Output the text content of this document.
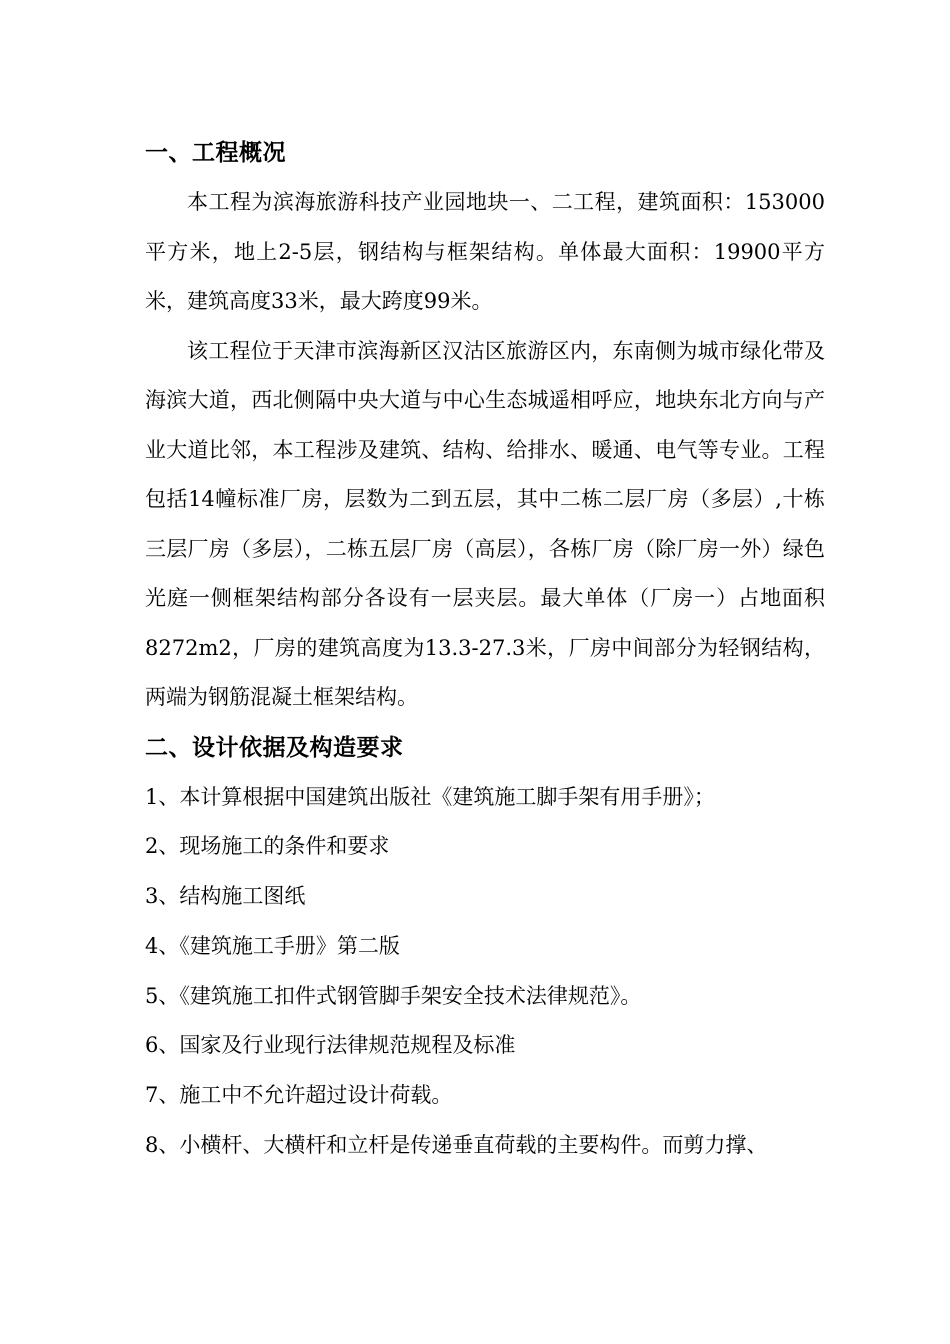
一、工程概况

本工程为滨海旅游科技产业园地块一、二工程，建筑面积：153000平方米，地上2-5层，钢结构与框架结构。单体最大面积：19900平方米，建筑高度33米，最大跨度99米。

该工程位于天津市滨海新区汉沽区旅游区内，东南侧为城市绿化带及海滨大道，西北侧隔中央大道与中心生态城遥相呼应，地块东北方向与产业大道比邻，本工程涉及建筑、结构、给排水、暖通、电气等专业。工程包括14幢标准厂房，层数为二到五层，其中二栋二层厂房（多层）,十栋三层厂房（多层），二栋五层厂房（高层），各栋厂房（除厂房一外）绿色光庭一侧框架结构部分各设有一层夹层。最大单体（厂房一）占地面积8272m2，厂房的建筑高度为13.3-27.3米，厂房中间部分为轻钢结构，两端为钢筋混凝土框架结构。

二、设计依据及构造要求
1、本计算根据中国建筑出版社《建筑施工脚手架有用手册》；
2、现场施工的条件和要求
3、结构施工图纸
4、《建筑施工手册》第二版
5、《建筑施工扣件式钢管脚手架安全技术法律规范》。
6、国家及行业现行法律规范规程及标准
7、施工中不允许超过设计荷载。
8、小横杆、大横杆和立杆是传递垂直荷载的主要构件。而剪力撑、
